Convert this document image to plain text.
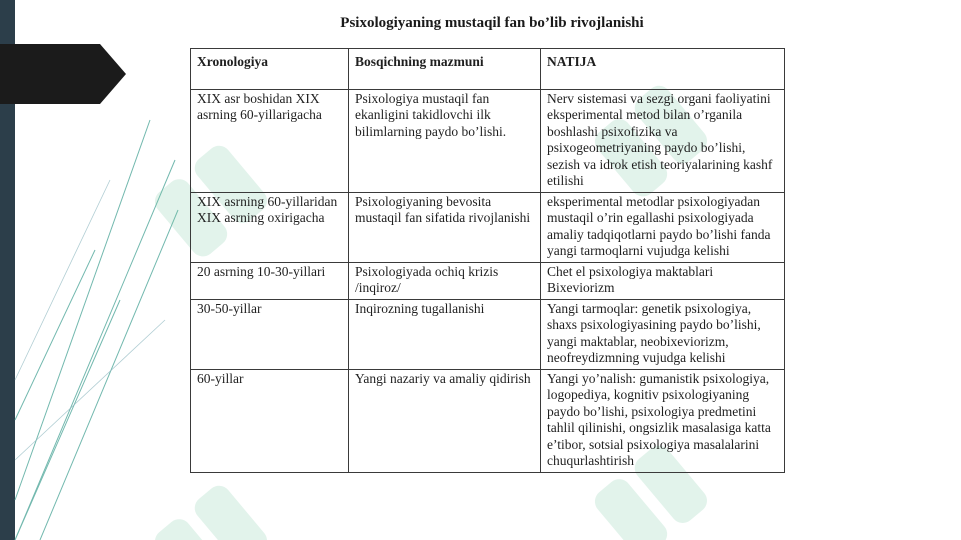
Psixologiyaning mustaqil fan bo’lib rivojlanishi
Xronologiya	Bosqichning mazmuni	NATIJA
XIX asr boshidan XIX asrning 60-yillarigacha	Psixologiya mustaqil fan ekanligini takidlovchi ilk bilimlarning paydo bo’lishi.	Nerv sistemasi va sezgi organi faoliyatini eksperimental metod bilan o’rganila boshlashi psixofizika va psixogeometriyaning paydo bo’lishi, sezish va idrok etish teoriyalarining kashf etilishi
XIX asrning 60-yillaridan XIX asrning oxirigacha	Psixologiyaning bevosita mustaqil fan sifatida rivojlanishi	eksperimental metodlar psixologiyadan mustaqil o’rin egallashi psixologiyada amaliy tadqiqotlarni paydo bo’lishi fanda yangi tarmoqlarni vujudga kelishi
20 asrning 10-30-yillari	Psixologiyada ochiq krizis /inqiroz/	Chet el psixologiya maktablari Bixeviorizm
30-50-yillar	Inqirozning tugallanishi	Yangi tarmoqlar: genetik psixologiya, shaxs psixologiyasining paydo bo’lishi, yangi maktablar, neobixeviorizm, neofreydizmning vujudga kelishi
60-yillar	Yangi nazariy va amaliy qidirish	Yangi yo’nalish: gumanistik psixologiya, logopediya, kognitiv psixologiyaning paydo bo’lishi, psixologiya predmetini tahlil qilinishi, ongsizlik masalasiga katta e’tibor, sotsial psixologiya masalalarini chuqurlashtirish
